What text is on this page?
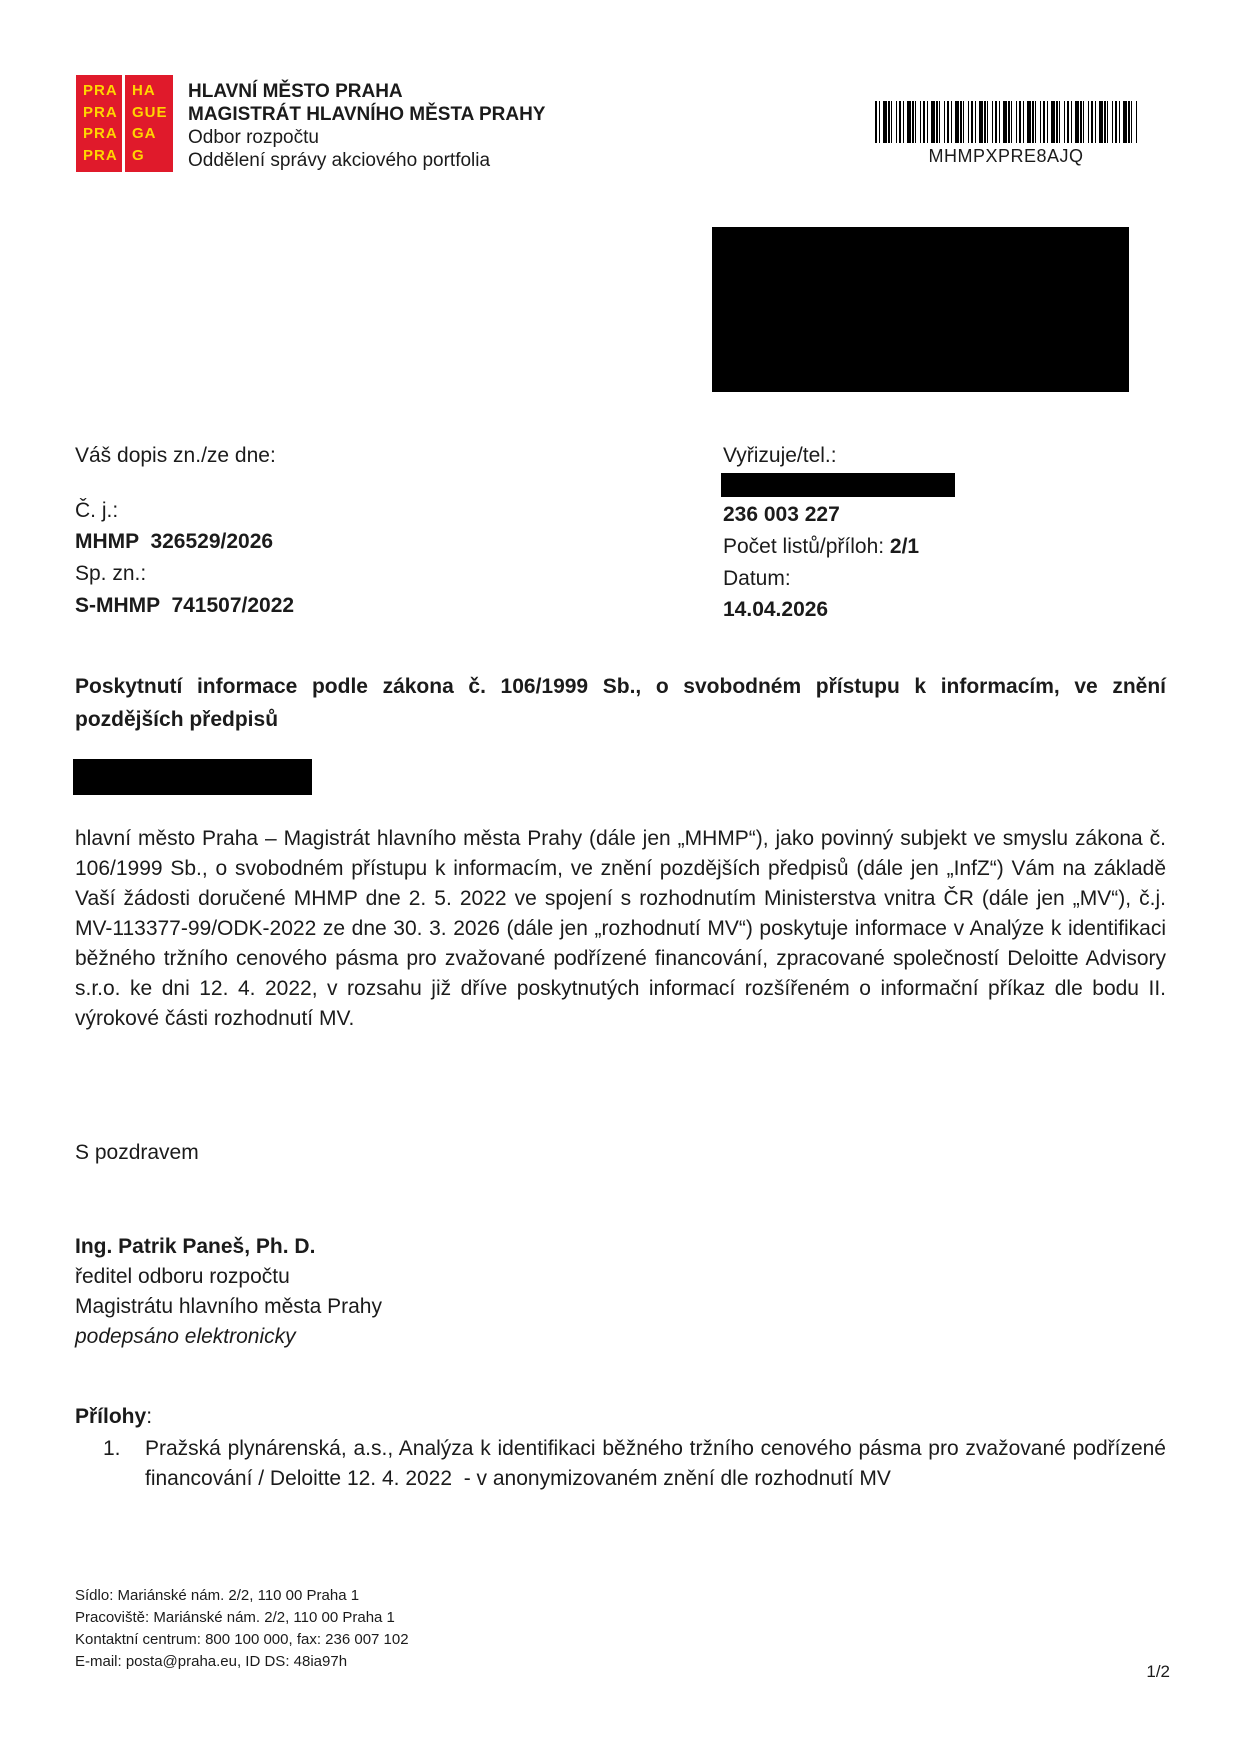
PRA
PRA
PRA
PRA
HA
GUE
GA
G
HLAVNÍ MĚSTO PRAHA
MAGISTRÁT HLAVNÍHO MĚSTA PRAHY
Odbor rozpočtu
Oddělení správy akciového portfolia	MHMPXPRE8AJQ
Váš dopis zn./ze dne:
Č. j.:
MHMP  326529/2026
Sp. zn.:
S-MHMP  741507/2022
Vyřizuje/tel.:
236 003 227
Počet listů/příloh: 2/1
Datum:
14.04.2026
Poskytnutí informace podle zákona č. 106/1999 Sb., o svobodném přístupu k informacím, ve znění pozdějších předpisů
hlavní město Praha – Magistrát hlavního města Prahy (dále jen „MHMP“), jako povinný subjekt ve smyslu zákona č. 106/1999 Sb., o svobodném přístupu k informacím, ve znění pozdějších předpisů (dále jen „InfZ“) Vám na základě Vaší žádosti doručené MHMP dne 2. 5. 2022 ve spojení s rozhodnutím Ministerstva vnitra ČR (dále jen „MV“), č.j. MV-113377-99/ODK-2022 ze dne 30. 3. 2026 (dále jen „rozhodnutí MV“) poskytuje informace v Analýze k identifikaci běžného tržního cenového pásma pro zvažované podřízené financování, zpracované společností Deloitte Advisory s.r.o. ke dni 12. 4. 2022, v rozsahu již dříve poskytnutých informací rozšířeném o informační příkaz dle bodu II. výrokové části rozhodnutí MV.
S pozdravem
Ing. Patrik Paneš, Ph. D.
ředitel odboru rozpočtu
Magistrátu hlavního města Prahy
podepsáno elektronicky
Přílohy:
1.	Pražská plynárenská, a.s., Analýza k identifikaci běžného tržního cenového pásma pro zvažované podřízené financování / Deloitte 12. 4. 2022  - v anonymizovaném znění dle rozhodnutí MV
Sídlo: Mariánské nám. 2/2, 110 00 Praha 1
Pracoviště: Mariánské nám. 2/2, 110 00 Praha 1
Kontaktní centrum: 800 100 000, fax: 236 007 102
E-mail: posta@praha.eu, ID DS: 48ia97h
1/2
